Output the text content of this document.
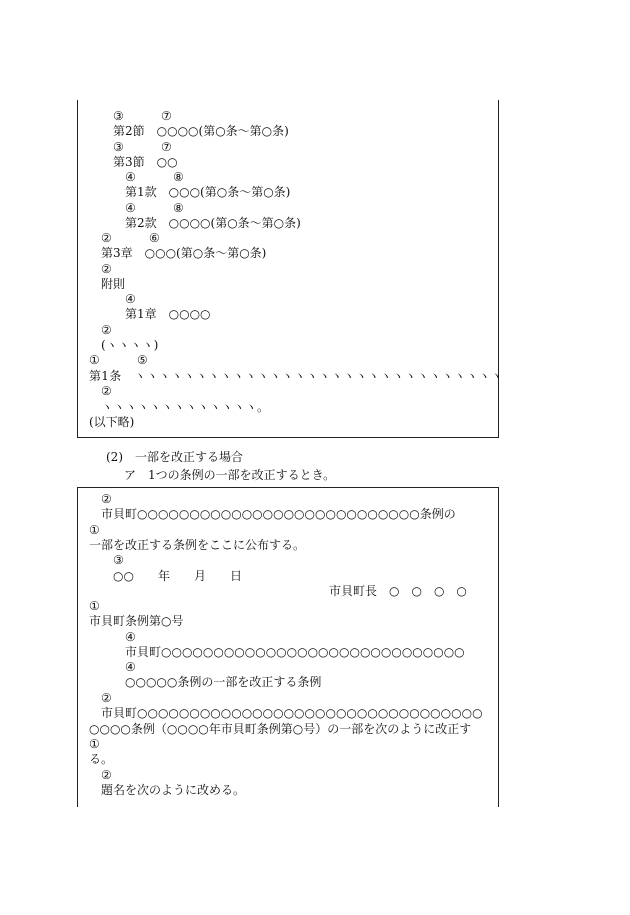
③	⑦
第2節　○○○○(第○条～第○条)
③	⑦
第3節　○○
④	⑧
第1款　○○○(第○条～第○条)
④	⑧
第2款　○○○○(第○条～第○条)
②	⑥
第3章　○○○(第○条～第○条)
②
附則
④
第1章　○○○○
②
(ヽヽヽヽ)
①	⑤
第1条　ヽヽヽヽヽヽヽヽヽヽヽヽヽヽヽヽヽヽヽヽヽヽヽヽヽヽヽヽヽヽ
②
ヽヽヽヽヽヽヽヽヽヽヽヽヽ。
(以下略)
(2)　一部を改正する場合
ア　1つの条例の一部を改正するとき。
②
市貝町○○○○○○○○○○○○○○○○○○○○○○○○○○○条例の
①
一部を改正する条例をここに公布する。
③
○○　　年　　月　　日
市貝町長　○　○　○　○
①
市貝町条例第○号
④
市貝町○○○○○○○○○○○○○○○○○○○○○○○○○○○○○
④
○○○○○条例の一部を改正する条例
②
市貝町○○○○○○○○○○○○○○○○○○○○○○○○○○○○○○○○○
○○○○条例（○○○○年市貝町条例第○号）の一部を次のように改正す
①
る。
②
題名を次のように改める。
